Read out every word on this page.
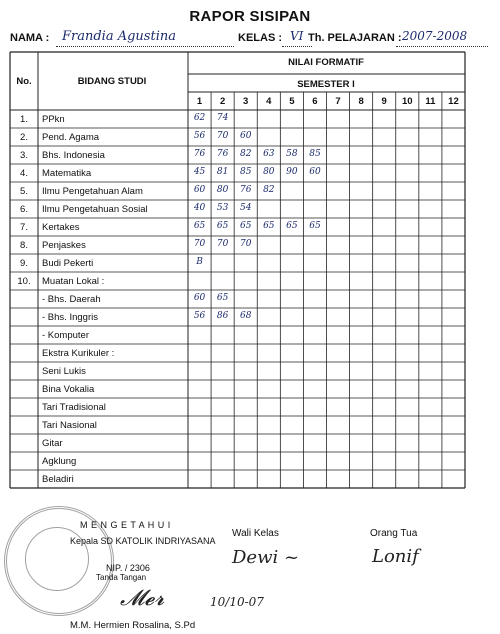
RAPOR SISIPAN
NAMA : Frandia Agustina	KELAS : VI Th. PELAJARAN : 2007-2008
No.	BIDANG STUDI
NILAI FORMATIF
SEMESTER I
1	2	3	4	5	6	7	8	9	10	11	12
1.	PPkn	62	74
2.	Pend. Agama	56	70	60
3.	Bhs. Indonesia	76	76	82	63	58	85
4.	Matematika	45	81	85	80	90	60
5.	Ilmu Pengetahuan Alam	60	80	76	82
6.	Ilmu Pengetahuan Sosial	40	53	54
7.	Kertakes	65	65	65	65	65	65
8.	Penjaskes	70	70	70
9.	Budi Pekerti	B
10.	Muatan Lokal :
- Bhs. Daerah	60	65
- Bhs. Inggris	56	86	68
- Komputer
Ekstra Kurikuler :
Seni Lukis
Bina Vokalia
Tari Tradisional
Tari Nasional
Gitar
Agklung
Beladiri
M E N G E T A H U I
Kepala SD KATOLIK INDRIYASANA
NIP. / 2306
Tanda Tangan
𝓜𝓮𝓻	10/10-07
M.M. Hermien Rosalina, S.Pd
Wali Kelas
Dewi ~
Orang Tua
Lonif
